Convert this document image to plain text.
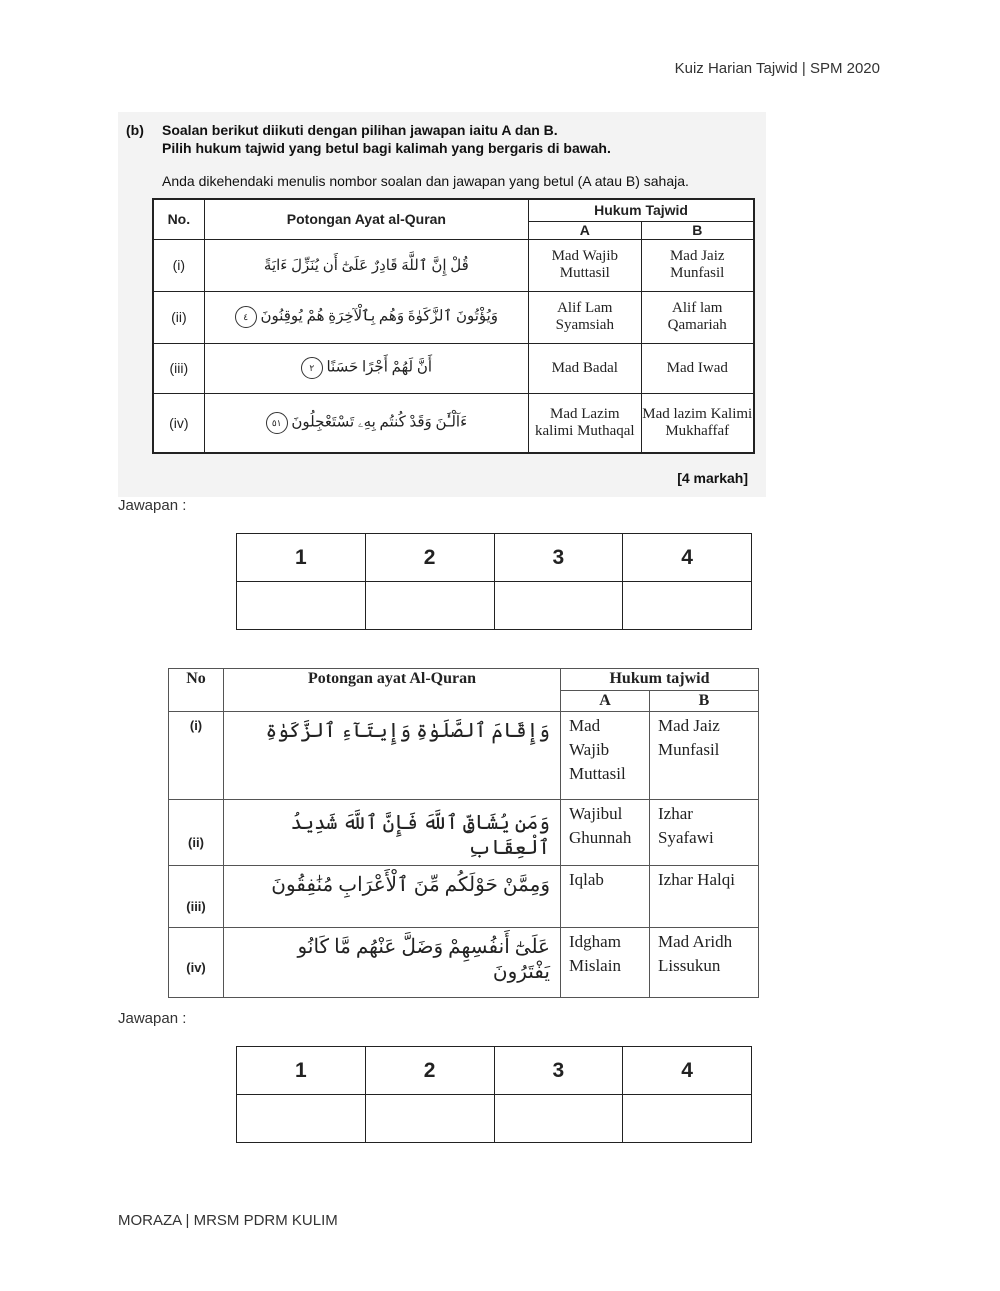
Kuiz Harian Tajwid | SPM 2020
(b) Soalan berikut diikuti dengan pilihan jawapan iaitu A dan B.
Pilih hukum tajwid yang betul bagi kalimah yang bergaris di bawah.
Anda dikehendaki menulis nombor soalan dan jawapan yang betul (A atau B) sahaja.
No.	Potongan Ayat al-Quran	Hukum Tajwid	
		A	B
(i)	قُلْ إِنَّ ٱللَّهَ قَادِرٌ عَلَىٰٓ أَن يُنَزِّلَ ءَايَةً	Mad Wajib Muttasil	Mad Jaiz Munfasil
(ii)	وَيُؤْتُونَ ٱلزَّكَوٰةَ وَهُم بِٱلْآخِرَةِ هُمْ يُوقِنُونَ ٤	Alif Lam Syamsiah	Alif lam Qamariah
(iii)	أَنَّ لَهُمْ أَجْرًا حَسَنًا ٢	Mad Badal	Mad Iwad
(iv)	ءَآلْـَٰٔنَ وَقَدْ كُنتُم بِهِۦ تَسْتَعْجِلُونَ ٥١	Mad Lazim kalimi Muthaqal	Mad lazim Kalimi Mukhaffaf
[4 markah]
Jawapan :
1	2	3	4

No	Potongan ayat Al-Quran	Hukum tajwid	
		A	B
(i)	وَإِقَامَ ٱلصَّلَوٰةِ وَإِيتَآءِ ٱلزَّكَوٰةِ	Mad Wajib Muttasil	Mad Jaiz Munfasil
(ii)	وَمَن يُشَاقِّ ٱللَّهَ فَإِنَّ ٱللَّهَ شَدِيدُ ٱلْعِقَابِ	Wajibul Ghunnah	Izhar Syafawi
(iii)	وَمِمَّنْ حَوْلَكُم مِّنَ ٱلْأَعْرَابِ مُنَٰفِقُونَ	Iqlab	Izhar Halqi
(iv)	عَلَىٰٓ أَنفُسِهِمْ وَضَلَّ عَنْهُم مَّا كَانُوا۟ يَفْتَرُونَ	Idgham Mislain	Mad Aridh Lissukun
Jawapan :
1	2	3	4

MORAZA | MRSM PDRM KULIM
